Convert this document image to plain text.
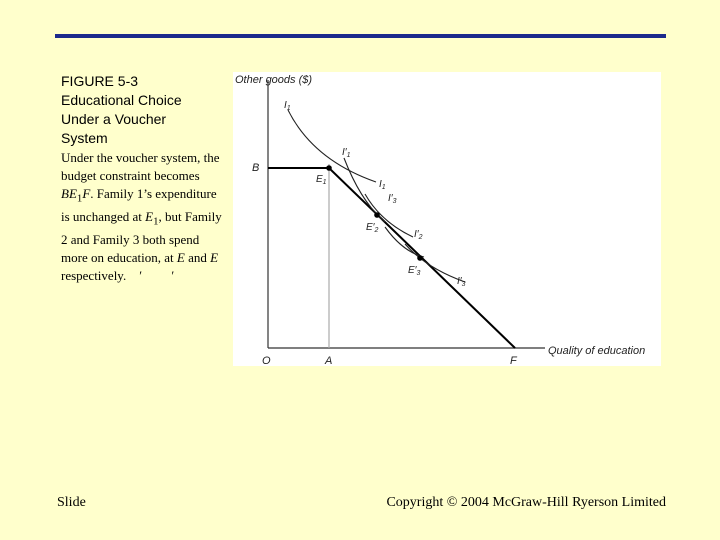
FIGURE 5-3
Educational Choice
Under a Voucher
System
Under the voucher system, the budget constraint becomes $BE_1F$. Family 1’s expenditure is unchanged at $E_1$, but Family 2 and Family 3 both spend more on education, at E and E
respectively. ′ ′
Other goods ($)
Quality of education
O	A	F
B
$E_1$
$E'_2$
$E'_3$
$I_1$
$I'_1$
$I_1$
$I'_3$
$I'_2$
$I'_3$
Slide	Copyright © 2004 McGraw-Hill Ryerson Limited
